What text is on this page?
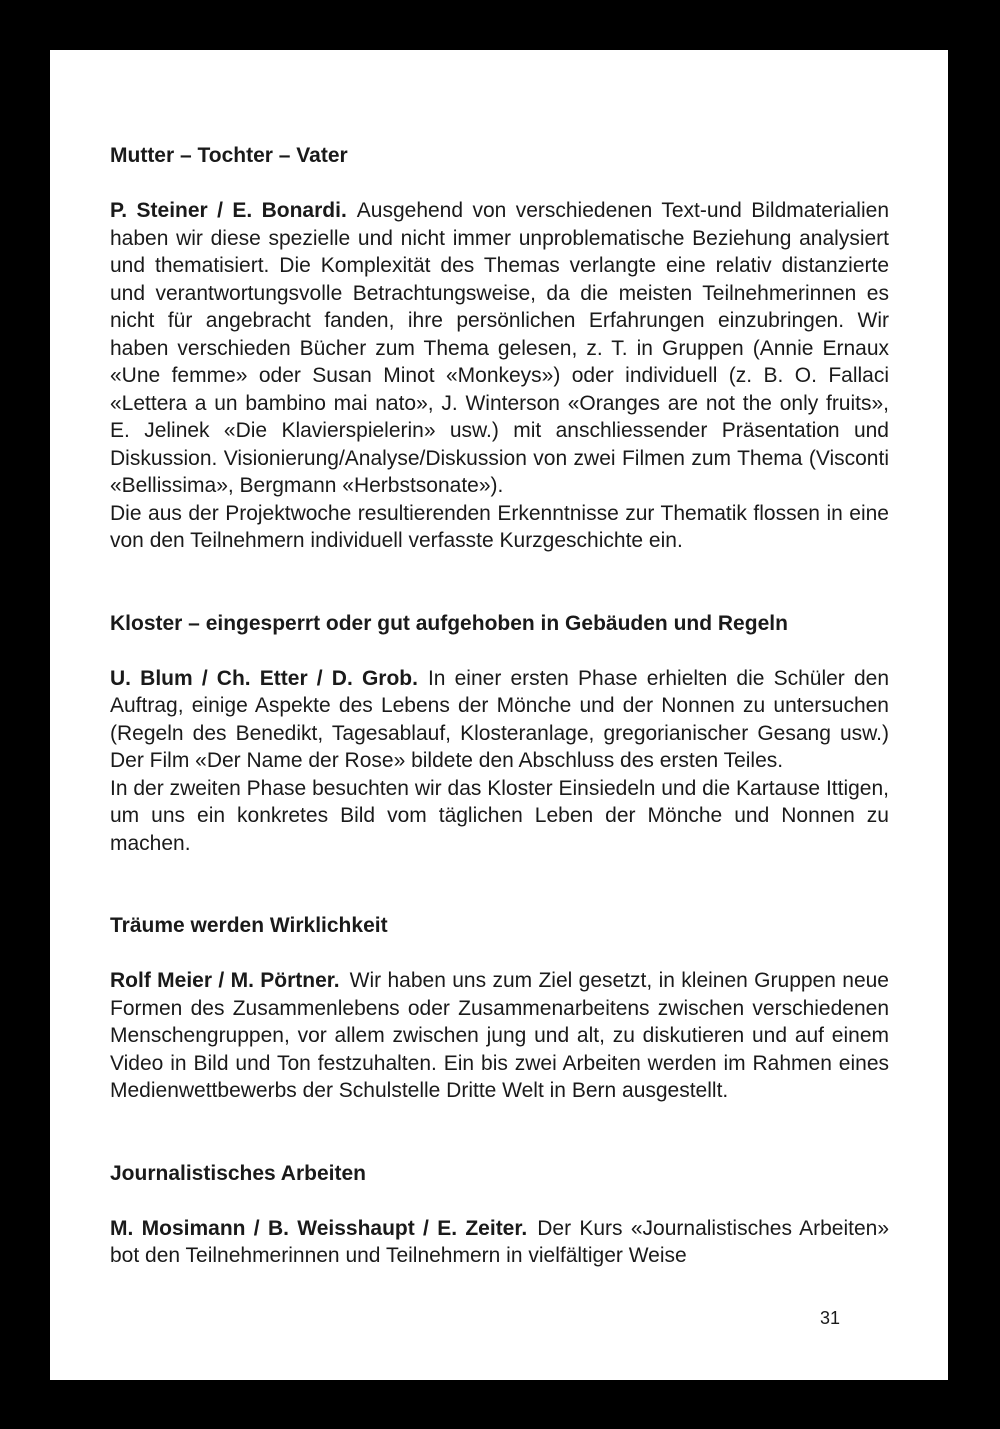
Mutter – Tochter – Vater

P. Steiner / E. Bonardi. Ausgehend von verschiedenen Text-und Bildmaterialien haben wir diese spezielle und nicht immer unproblematische Beziehung analysiert und thematisiert. Die Komplexität des Themas verlangte eine relativ distanzierte und verantwortungsvolle Betrachtungsweise, da die meisten Teilnehmerinnen es nicht für angebracht fanden, ihre persönlichen Erfahrungen einzubringen. Wir haben verschieden Bücher zum Thema gelesen, z. T. in Gruppen (Annie Ernaux «Une femme» oder Susan Minot «Monkeys») oder individuell (z. B. O. Fallaci «Lettera a un bambino mai nato», J. Winterson «Oranges are not the only fruits», E. Jelinek «Die Klavierspielerin» usw.) mit anschliessender Präsentation und Diskussion. Visionierung/Analyse/Diskussion von zwei Filmen zum Thema (Visconti «Bellissima», Bergmann «Herbstsonate»).

Die aus der Projektwoche resultierenden Erkenntnisse zur Thematik flossen in eine von den Teilnehmern individuell verfasste Kurzgeschichte ein.

Kloster – eingesperrt oder gut aufgehoben in Gebäuden und Regeln

U. Blum / Ch. Etter / D. Grob. In einer ersten Phase erhielten die Schüler den Auftrag, einige Aspekte des Lebens der Mönche und der Nonnen zu untersuchen (Regeln des Benedikt, Tagesablauf, Klosteranlage, gregorianischer Gesang usw.) Der Film «Der Name der Rose» bildete den Abschluss des ersten Teiles.

In der zweiten Phase besuchten wir das Kloster Einsiedeln und die Kartause Ittigen, um uns ein konkretes Bild vom täglichen Leben der Mönche und Nonnen zu machen.

Träume werden Wirklichkeit

Rolf Meier / M. Pörtner. Wir haben uns zum Ziel gesetzt, in kleinen Gruppen neue Formen des Zusammenlebens oder Zusammenarbeitens zwischen verschiedenen Menschengruppen, vor allem zwischen jung und alt, zu diskutieren und auf einem Video in Bild und Ton festzuhalten. Ein bis zwei Arbeiten werden im Rahmen eines Medienwettbewerbs der Schulstelle Dritte Welt in Bern ausgestellt.

Journalistisches Arbeiten

M. Mosimann / B. Weisshaupt / E. Zeiter. Der Kurs «Journalistisches Arbeiten» bot den Teilnehmerinnen und Teilnehmern in vielfältiger Weise

31
